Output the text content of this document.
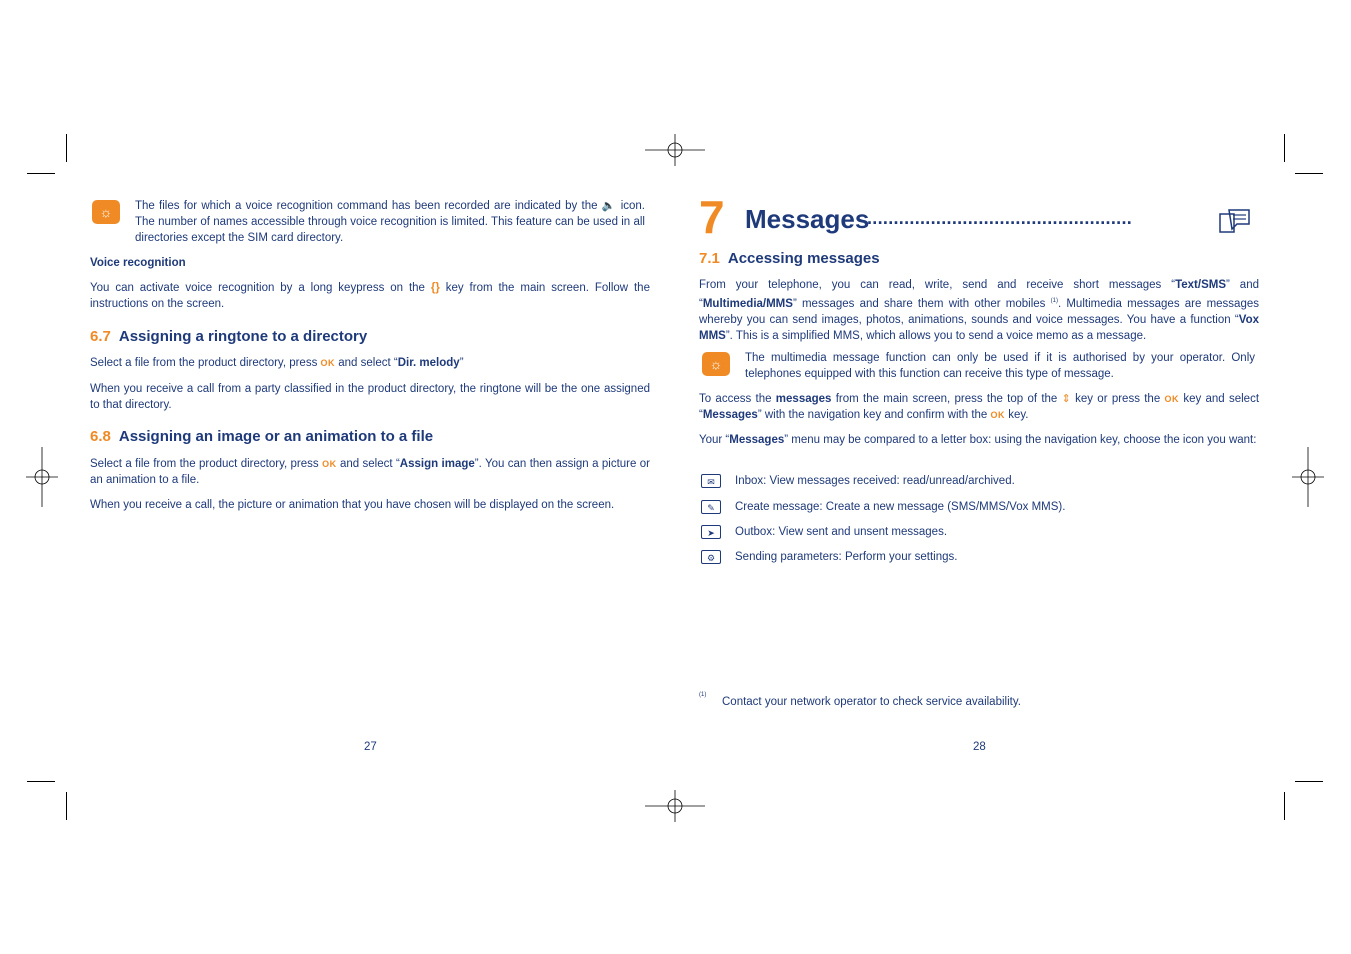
☼	The files for which a voice recognition command has been recorded are indicated by the 🔈 icon. The number of names accessible through voice recognition is limited. This feature can be used in all directories except the SIM card directory.
Voice recognition
You can activate voice recognition by a long keypress on the {} key from the main screen. Follow the instructions on the screen.
6.7 Assigning a ringtone to a directory
Select a file from the product directory, press OK and select “Dir. melody”
When you receive a call from a party classified in the product directory, the ringtone will be the one assigned to that directory.
6.8 Assigning an image or an animation to a file
Select a file from the product directory, press OK and select “Assign image”. You can then assign a picture or an animation to a file.
When you receive a call, the picture or animation that you have chosen will be displayed on the screen.
27
7 Messages
..................................................
7.1 Accessing messages
From your telephone, you can read, write, send and receive short messages “Text/SMS” and “Multimedia/MMS” messages and share them with other mobiles $^{(1)}$. Multimedia messages are messages whereby you can send images, photos, animations, sounds and voice messages. You have a function “Vox MMS”. This is a simplified MMS, which allows you to send a voice memo as a message.
☼	The multimedia message function can only be used if it is authorised by your operator. Only telephones equipped with this function can receive this type of message.
To access the messages from the main screen, press the top of the ⇕ key or press the OK key and select “Messages” with the navigation key and confirm with the OK key.
Your “Messages” menu may be compared to a letter box: using the navigation key, choose the icon you want:
✉	Inbox: View messages received: read/unread/archived.
✎	Create message: Create a new message (SMS/MMS/Vox MMS).
➤	Outbox: View sent and unsent messages.
⚙	Sending parameters: Perform your settings.
(1)
Contact your network operator to check service availability.
28
